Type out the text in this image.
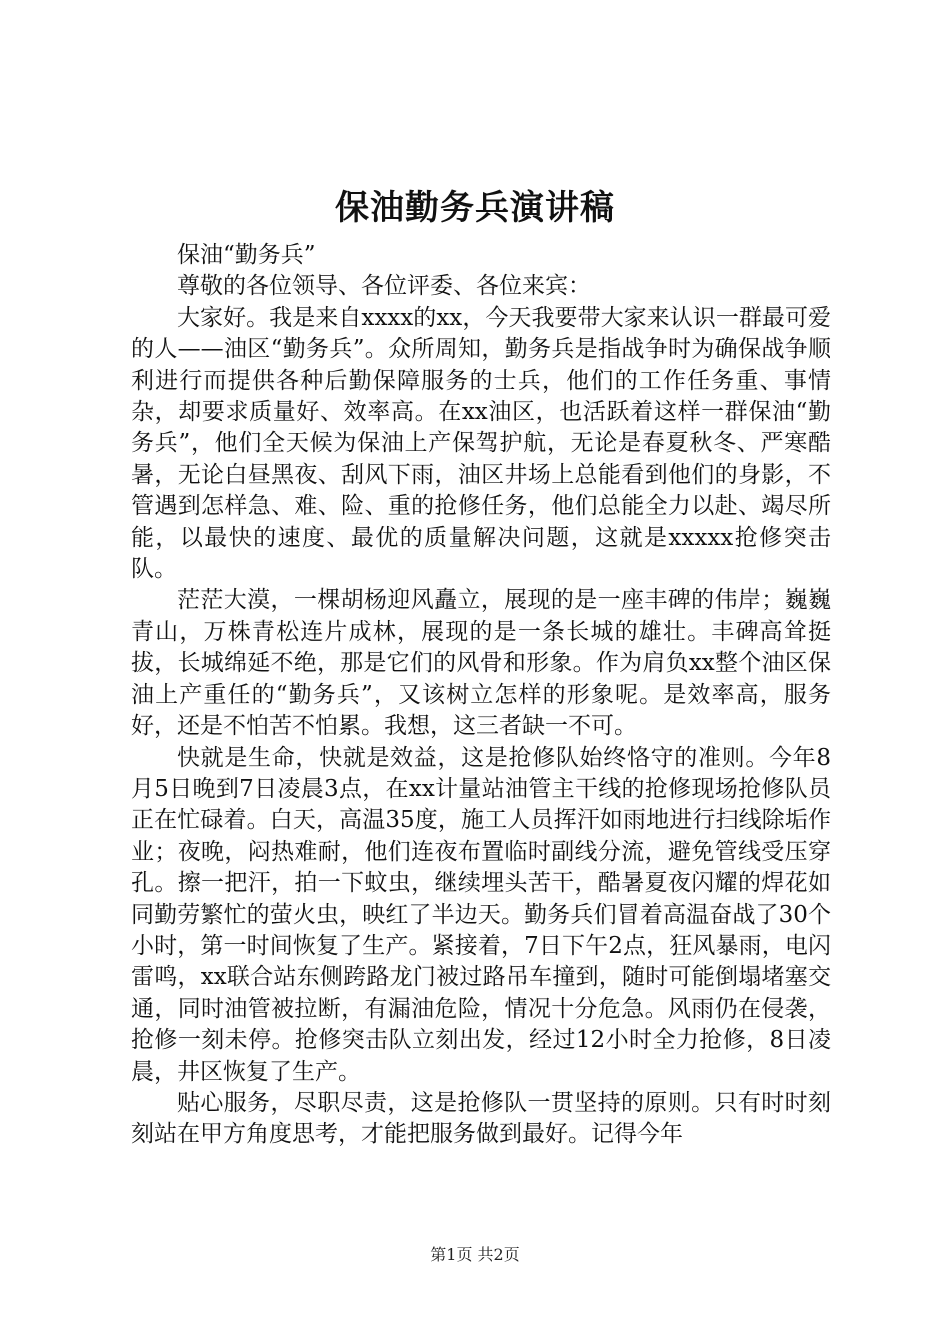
保油勤务兵演讲稿

保油“勤务兵”

尊敬的各位领导、各位评委、各位来宾：

大家好。我是来自xxxx的xx，今天我要带大家来认识一群最可爱的人——油区“勤务兵”。众所周知，勤务兵是指战争时为确保战争顺利进行而提供各种后勤保障服务的士兵，他们的工作任务重、事情杂，却要求质量好、效率高。在xx油区，也活跃着这样一群保油“勤务兵”，他们全天候为保油上产保驾护航，无论是春夏秋冬、严寒酷暑，无论白昼黑夜、刮风下雨，油区井场上总能看到他们的身影，不管遇到怎样急、难、险、重的抢修任务，他们总能全力以赴、竭尽所能，以最快的速度、最优的质量解决问题，这就是xxxxx抢修突击队。

茫茫大漠，一棵胡杨迎风矗立，展现的是一座丰碑的伟岸；巍巍青山，万株青松连片成林，展现的是一条长城的雄壮。丰碑高耸挺拔，长城绵延不绝，那是它们的风骨和形象。作为肩负xx整个油区保油上产重任的“勤务兵”，又该树立怎样的形象呢。是效率高，服务好，还是不怕苦不怕累。我想，这三者缺一不可。

快就是生命，快就是效益，这是抢修队始终恪守的准则。今年8月5日晚到7日凌晨3点，在xx计量站油管主干线的抢修现场抢修队员正在忙碌着。白天，高温35度，施工人员挥汗如雨地进行扫线除垢作业；夜晚，闷热难耐，他们连夜布置临时副线分流，避免管线受压穿孔。擦一把汗，拍一下蚊虫，继续埋头苦干，酷暑夏夜闪耀的焊花如同勤劳繁忙的萤火虫，映红了半边天。勤务兵们冒着高温奋战了30个小时，第一时间恢复了生产。紧接着，7日下午2点，狂风暴雨，电闪雷鸣，xx联合站东侧跨路龙门被过路吊车撞到，随时可能倒塌堵塞交通，同时油管被拉断，有漏油危险，情况十分危急。风雨仍在侵袭，抢修一刻未停。抢修突击队立刻出发，经过12小时全力抢修，8日凌晨，井区恢复了生产。

贴心服务，尽职尽责，这是抢修队一贯坚持的原则。只有时时刻刻站在甲方角度思考，才能把服务做到最好。记得今年

第1页 共2页
